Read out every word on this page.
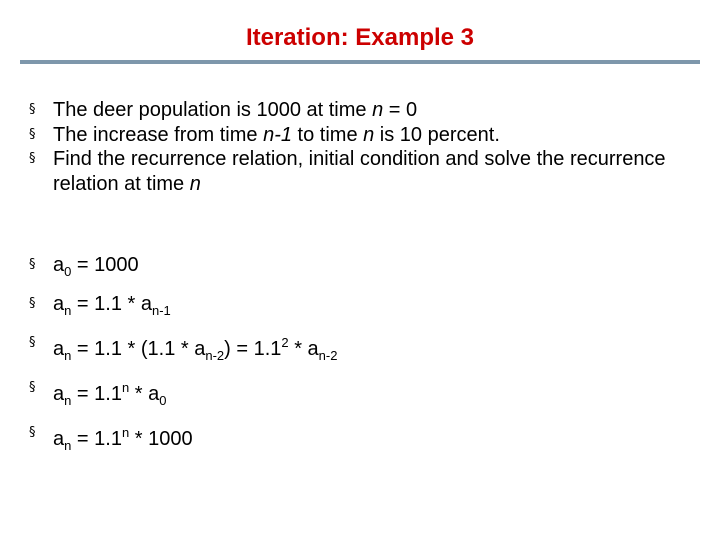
Iteration: Example 3
§ The deer population is 1000 at time n = 0
§ The increase from time n-1 to time n is 10 percent.
§ Find the recurrence relation, initial condition and solve the recurrence relation at time n
§ $a_0 = 1000$
§ $a_n = 1.1 * a_{n-1}$
§ $a_n = 1.1 * (1.1 * a_{n-2}) = 1.1^2 * a_{n-2}$
§ $a_n = 1.1^n * a_0$
§ $a_n = 1.1^n * 1000$
